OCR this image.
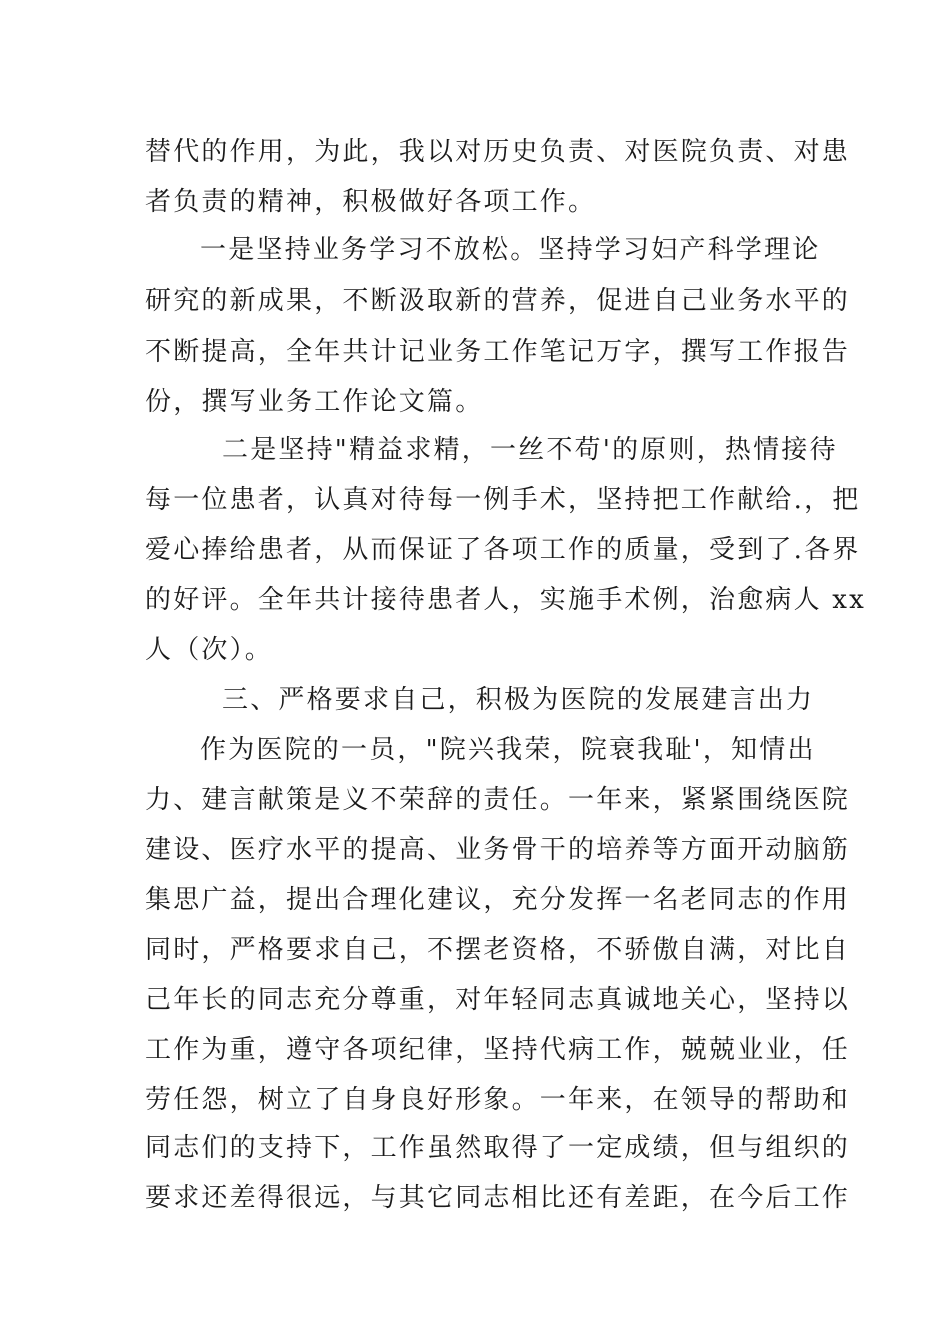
替代的作用，为此，我以对历史负责、对医院负责、对患
者负责的精神，积极做好各项工作。
一是坚持业务学习不放松。坚持学习妇产科学理论
研究的新成果，不断汲取新的营养，促进自己业务水平的
不断提高，全年共计记业务工作笔记万字，撰写工作报告
份，撰写业务工作论文篇。
二是坚持"精益求精，一丝不苟'的原则，热情接待
每一位患者，认真对待每一例手术，坚持把工作献给.，把
爱心捧给患者，从而保证了各项工作的质量，受到了.各界
的好评。全年共计接待患者人，实施手术例，治愈病人 xx
人（次）。
三、严格要求自己，积极为医院的发展建言出力
作为医院的一员，"院兴我荣，院衰我耻'，知情出
力、建言献策是义不荣辞的责任。一年来，紧紧围绕医院
建设、医疗水平的提高、业务骨干的培养等方面开动脑筋
集思广益，提出合理化建议，充分发挥一名老同志的作用
同时，严格要求自己，不摆老资格，不骄傲自满，对比自
己年长的同志充分尊重，对年轻同志真诚地关心，坚持以
工作为重，遵守各项纪律，坚持代病工作，兢兢业业，任
劳任怨，树立了自身良好形象。一年来，在领导的帮助和
同志们的支持下，工作虽然取得了一定成绩，但与组织的
要求还差得很远，与其它同志相比还有差距，在今后工作
